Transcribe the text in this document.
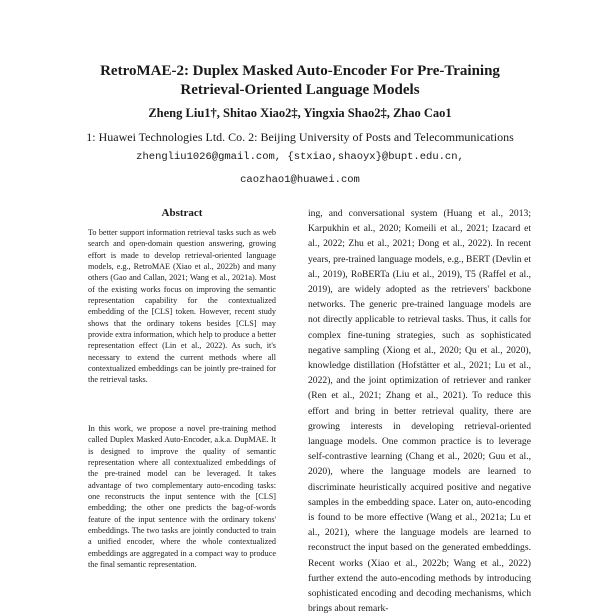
RetroMAE-2: Duplex Masked Auto-Encoder For Pre-Training
Retrieval-Oriented Language Models
Zheng Liu1†, Shitao Xiao2‡, Yingxia Shao2‡, Zhao Cao1
1: Huawei Technologies Ltd. Co. 2: Beijing University of Posts and Telecommunications
zhengliu1026@gmail.com, {stxiao,shaoyx}@bupt.edu.cn,
caozhao1@huawei.com
Abstract
To better support information retrieval tasks such as web search and open-domain question answering, growing effort is made to develop retrieval-oriented language models, e.g., RetroMAE (Xiao et al., 2022b) and many others (Gao and Callan, 2021; Wang et al., 2021a). Most of the existing works focus on improving the semantic representation capability for the contextualized embedding of the [CLS] token. However, recent study shows that the ordinary tokens besides [CLS] may provide extra information, which help to produce a better representation effect (Lin et al., 2022). As such, it's necessary to extend the current methods where all contextualized embeddings can be jointly pre-trained for the retrieval tasks.
In this work, we propose a novel pre-training method called Duplex Masked Auto-Encoder, a.k.a. DupMAE. It is designed to improve the quality of semantic representation where all contextualized embeddings of the pre-trained model can be leveraged. It takes advantage of two complementary auto-encoding tasks: one reconstructs the input sentence with the [CLS] embedding; the other one predicts the bag-of-words feature of the input sentence with the ordinary tokens' embeddings. The two tasks are jointly conducted to train a unified encoder, where the whole contextualized embeddings are aggregated in a compact way to produce the final semantic representation.

ing, and conversational system (Huang et al., 2013; Karpukhin et al., 2020; Komeili et al., 2021; Izacard et al., 2022; Zhu et al., 2021; Dong et al., 2022). In recent years, pre-trained language models, e.g., BERT (Devlin et al., 2019), RoBERTa (Liu et al., 2019), T5 (Raffel et al., 2019), are widely adopted as the retrievers' backbone networks. The generic pre-trained language models are not directly applicable to retrieval tasks. Thus, it calls for complex fine-tuning strategies, such as sophisticated negative sampling (Xiong et al., 2020; Qu et al., 2020), knowledge distillation (Hofstätter et al., 2021; Lu et al., 2022), and the joint optimization of retriever and ranker (Ren et al., 2021; Zhang et al., 2021). To reduce this effort and bring in better retrieval quality, there are growing interests in developing retrieval-oriented language models. One common practice is to leverage self-contrastive learning (Chang et al., 2020; Guu et al., 2020), where the language models are learned to discriminate heuristically acquired positive and negative samples in the embedding space. Later on, auto-encoding is found to be more effective (Wang et al., 2021a; Lu et al., 2021), where the language models are learned to reconstruct the input based on the generated embeddings. Recent works (Xiao et al., 2022b; Wang et al., 2022) further extend the auto-encoding methods by introducing sophisticated encoding and decoding mechanisms, which brings about remark-
